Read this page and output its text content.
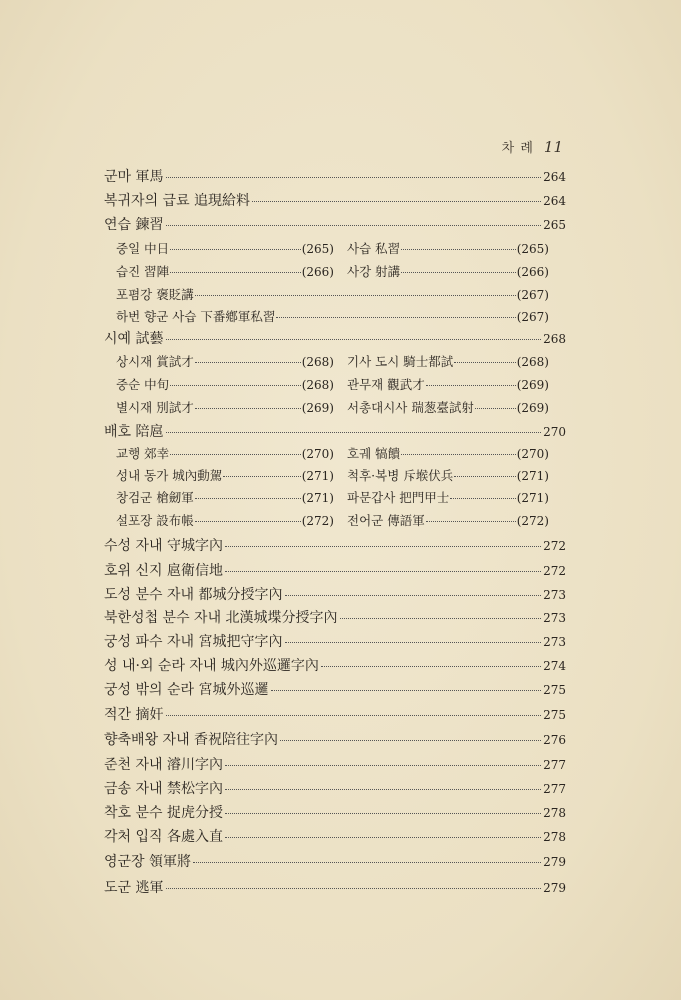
차 례 11
군마 軍馬	264
복귀자의 급료 追現給料	264
연습 鍊習	265
중일 中日	(265) 사습 私習	(265)
습진 習陣	(266) 사강 射講	(266)
포폄강 褒貶講	(267)
하번 향군 사습 下番鄕軍私習	(267)
시예 試藝	268
상시재 賞試才	(268) 기사 도시 騎士都試	(268)
중순 中旬	(268) 관무재 觀武才	(269)
별시재 別試才	(269) 서총대시사 瑞葱臺試射	(269)
배호 陪扈	270
교행 郊幸	(270) 호궤 犒饋	(270)
성내 동가 城內動駕	(271) 척후·복병 斥堠伏兵	(271)
창검군 槍劒軍	(271) 파문갑사 把門甲士	(271)
설포장 設布帳	(272) 전어군 傳語軍	(272)
수성 자내 守城字內	272
호위 신지 扈衛信地	272
도성 분수 자내 都城分授字內	273
북한성첩 분수 자내 北漢城堞分授字內	273
궁성 파수 자내 宮城把守字內	273
성 내·외 순라 자내 城內外巡邏字內	274
궁성 밖의 순라 宮城外巡邏	275
적간 摘奸	275
향축배왕 자내 香祝陪往字內	276
준천 자내 濬川字內	277
금송 자내 禁松字內	277
착호 분수 捉虎分授	278
각처 입직 各處入直	278
영군장 領軍將	279
도군 逃軍	279
